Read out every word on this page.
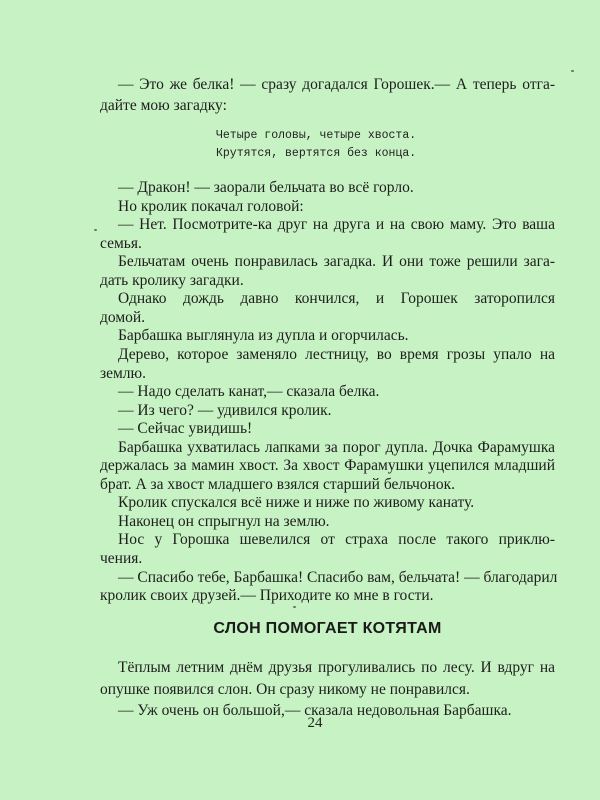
— Это же белка! — сразу догадался Горошек.— А теперь отга-
дайте мою загадку:
Четыре головы, четыре хвоста.
Крутятся, вертятся без конца.
— Дракон! — заорали бельчата во всё горло.
Но кролик покачал головой:
— Нет. Посмотрите-ка друг на друга и на свою маму. Это ваша
семья.
Бельчатам очень понравилась загадка. И они тоже решили зага-
дать кролику загадки.
Однако дождь давно кончился, и Горошек заторопился
домой.
Барбашка выглянула из дупла и огорчилась.
Дерево, которое заменяло лестницу, во время грозы упало на
землю.
— Надо сделать канат,— сказала белка.
— Из чего? — удивился кролик.
— Сейчас увидишь!
Барбашка ухватилась лапками за порог дупла. Дочка Фарамушка
держалась за мамин хвост. За хвост Фарамушки уцепился младший
брат. А за хвост младшего взялся старший бельчонок.
Кролик спускался всё ниже и ниже по живому канату.
Наконец он спрыгнул на землю.
Нос у Горошка шевелился от страха после такого приклю-
чения.
— Спасибо тебе, Барбашка! Спасибо вам, бельчата! — благодарил
кролик своих друзей.— Приходите ко мне в гости.
СЛОН ПОМОГАЕТ КОТЯТАМ
Тёплым летним днём друзья прогуливались по лесу. И вдруг на
опушке появился слон. Он сразу никому не понравился.
— Уж очень он большой,— сказала недовольная Барбашка.
24
